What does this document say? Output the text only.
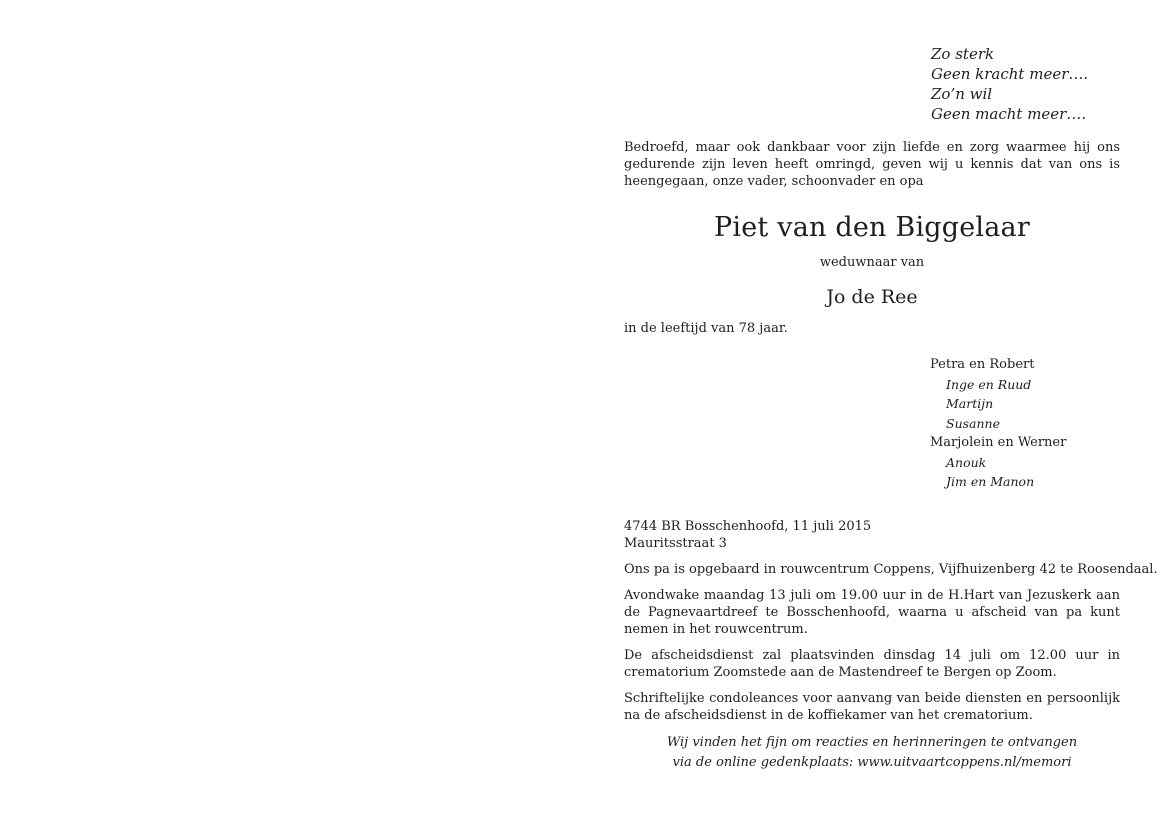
Zo sterk
Geen kracht meer….
Zo’n wil
Geen macht meer….
Bedroefd, maar ook dankbaar voor zijn liefde en zorg waarmee hij ons gedurende zijn leven heeft omringd, geven wij u kennis dat van ons is heengegaan, onze vader, schoonvader en opa
Piet van den Biggelaar
weduwnaar van
Jo de Ree
in de leeftijd van 78 jaar.
Petra en Robert
Inge en Ruud
Martijn
Susanne
Marjolein en Werner
Anouk
Jim en Manon
4744 BR Bosschenhoofd, 11 juli 2015
Mauritsstraat 3
Ons pa is opgebaard in rouwcentrum Coppens, Vijfhuizenberg 42 te Roosendaal.
Avondwake maandag 13 juli om 19.00 uur in de H.Hart van Jezuskerk aan de Pagnevaartdreef te Bosschenhoofd, waarna u afscheid van pa kunt nemen in het rouwcentrum.
De afscheidsdienst zal plaatsvinden dinsdag 14 juli om 12.00 uur in crematorium Zoomstede aan de Mastendreef te Bergen op Zoom.
Schriftelijke condoleances voor aanvang van beide diensten en persoonlijk na de afscheidsdienst in de koffiekamer van het crematorium.
Wij vinden het fijn om reacties en herinneringen te ontvangen
via de online gedenkplaats: www.uitvaartcoppens.nl/memori
